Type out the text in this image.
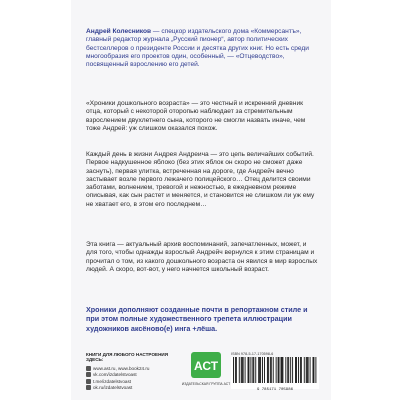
Андрей Колесников — спецкор издательского дома «Коммерсантъ», главный редактор журнала „Русский пионер“, автор политических бестселлеров о президенте России и десятка других книг. Но есть среди многообразия его проектов один, особенный, — «Отцеводство», посвященный взрослению его детей.

«Хроники дошкольного возраста» — это честный и искренний дневник отца, который с некоторой оторопью наблюдает за стремительным взрослением двухлетнего сына, которого не смогли назвать иначе, чем тоже Андрей: уж слишком оказался похож.

Каждый день в жизни Андрея Андреича — это цепь величайших событий. Первое надкушенное яблоко (без этих яблок он скоро не сможет даже заснуть), первая улитка, встреченная на дороге, где Андрейч вечно застывает возле первого лежачего полицейского… Отец делится своими заботами, волнением, тревогой и нежностью, в ежедневном режиме описывая, как сын растет и меняется, и становится не слишком ли уж ему не хватает его, в этом его последнем…

Эта книга — актуальный архив воспоминаний, запечатленных, может, и для того, чтобы однажды взрослый Андрейч вернулся к этим страницам и прочитал о том, из какого дошкольного возраста он явился в мир взрослых людей. А скоро, вот-вот, у него начнется школьный возраст.

Хроники дополняют созданные почти в репортажном стиле и при этом полные художественного трепета иллюстрации художников аксёново(е) инга +лёша.

КНИГИ ДЛЯ ЛЮБОГО НАСТРОЕНИЯ ЗДЕСЬ:

www.ast.ru, www.book24.ru
vk.com/izdatelstvoast
t.me/izdatelstvoast
ok.ru/izdatelstvoast
АСТ
ИЗДАТЕЛЬСКАЯ ГРУППА АСТ

ISBN 978-5-17-170598-6

9 785171 705986
